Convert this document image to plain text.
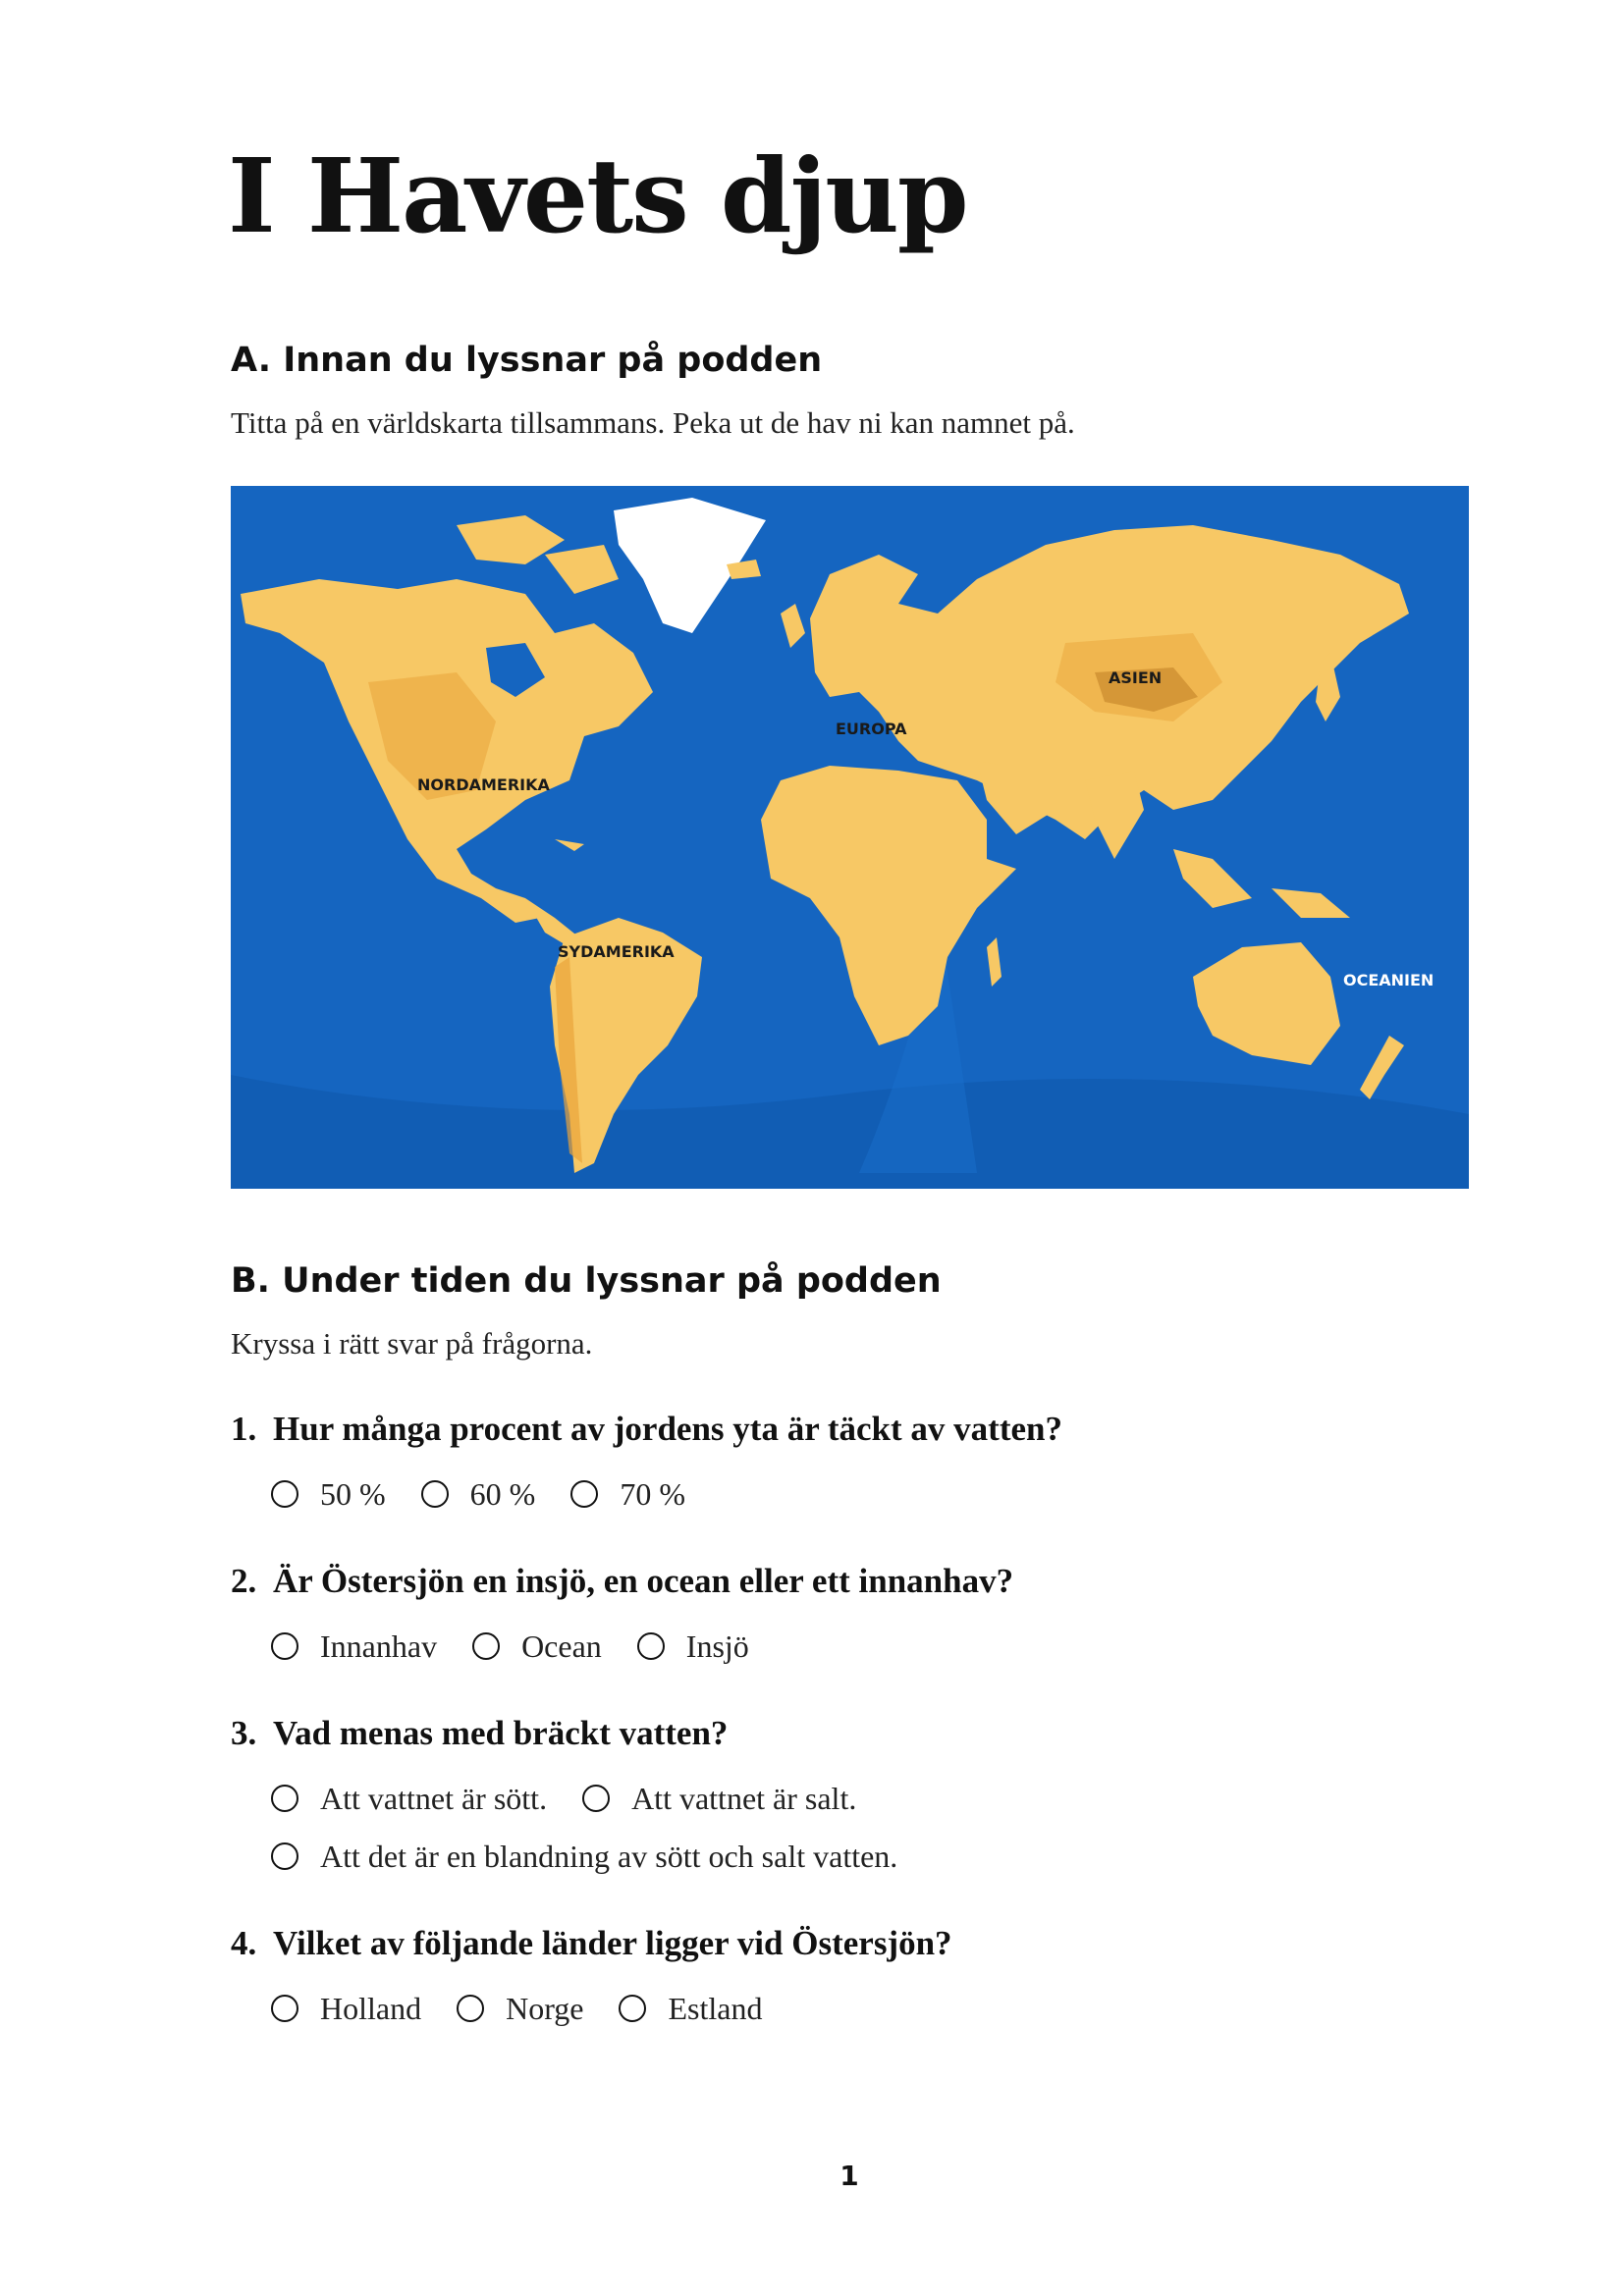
I Havets djup
A. Innan du lyssnar på podden
Titta på en världskarta tillsammans. Peka ut de hav ni kan namnet på.
NORDAMERIKA
SYDAMERIKA
EUROPA
ASIEN
OCEANIEN
B. Under tiden du lyssnar på podden
Kryssa i rätt svar på frågorna.
1. Hur många procent av jordens yta är täckt av vatten?
50 %	60 %	70 %
2. Är Östersjön en insjö, en ocean eller ett innanhav?
Innanhav	Ocean	Insjö
3. Vad menas med bräckt vatten?
Att vattnet är sött.	Att vattnet är salt.
Att det är en blandning av sött och salt vatten.
4. Vilket av följande länder ligger vid Östersjön?
Holland	Norge	Estland
1
